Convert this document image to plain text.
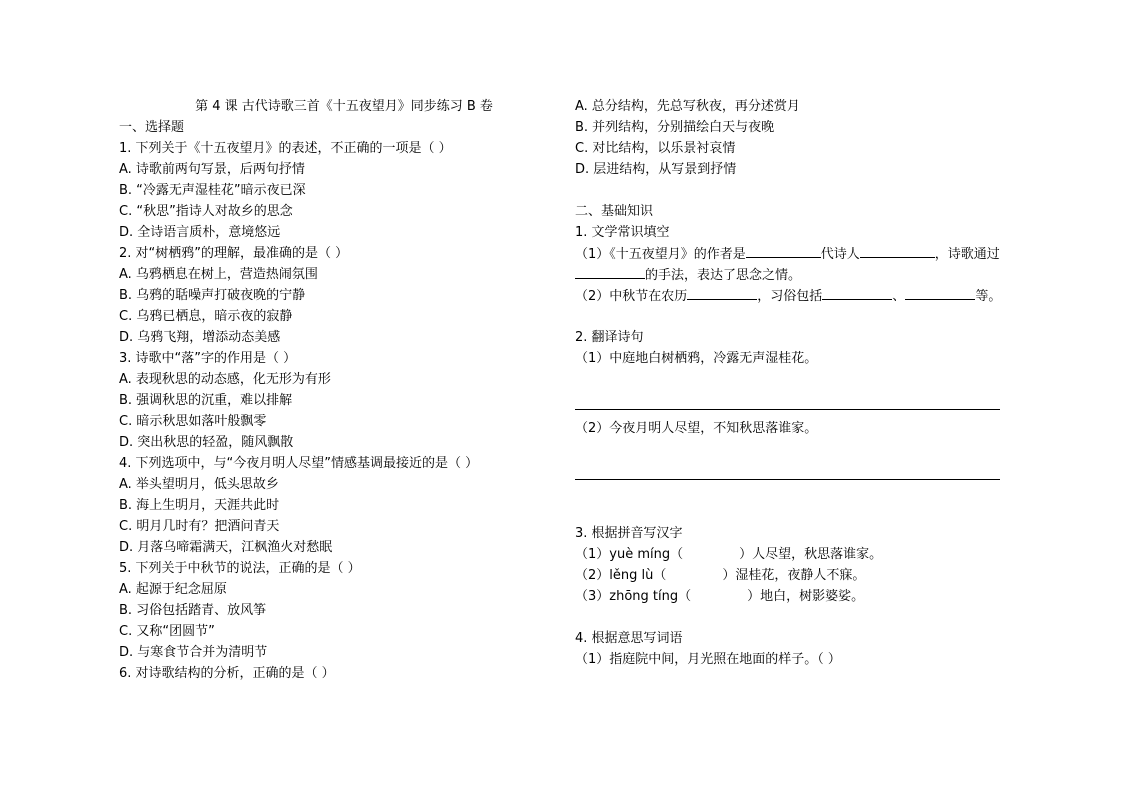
第 4 课 古代诗歌三首《十五夜望月》同步练习 B 卷
一、选择题
1. 下列关于《十五夜望月》的表述，不正确的一项是（ ）
A. 诗歌前两句写景，后两句抒情
B. “冷露无声湿桂花”暗示夜已深
C. “秋思”指诗人对故乡的思念
D. 全诗语言质朴，意境悠远
2. 对“树栖鸦”的理解，最准确的是（ ）
A. 乌鸦栖息在树上，营造热闹氛围
B. 乌鸦的聒噪声打破夜晚的宁静
C. 乌鸦已栖息，暗示夜的寂静
D. 乌鸦飞翔，增添动态美感
3. 诗歌中“落”字的作用是（ ）
A. 表现秋思的动态感，化无形为有形
B. 强调秋思的沉重，难以排解
C. 暗示秋思如落叶般飘零
D. 突出秋思的轻盈，随风飘散
4. 下列选项中，与“今夜月明人尽望”情感基调最接近的是（ ）
A. 举头望明月，低头思故乡
B. 海上生明月，天涯共此时
C. 明月几时有？把酒问青天
D. 月落乌啼霜满天，江枫渔火对愁眠
5. 下列关于中秋节的说法，正确的是（ ）
A. 起源于纪念屈原
B. 习俗包括踏青、放风筝
C. 又称“团圆节”
D. 与寒食节合并为清明节
6. 对诗歌结构的分析，正确的是（ ）
A. 总分结构，先总写秋夜，再分述赏月
B. 并列结构，分别描绘白天与夜晚
C. 对比结构，以乐景衬哀情
D. 层进结构，从写景到抒情
二、基础知识
1. 文学常识填空
（1）《十五夜望月》的作者是	代诗人	，诗歌通过
的手法，表达了思念之情。
（2）中秋节在农历	，习俗包括	、	等。
2. 翻译诗句
（1）中庭地白树栖鸦，冷露无声湿桂花。
（2）今夜月明人尽望，不知秋思落谁家。
3. 根据拼音写汉字
（1）yuè míng（	）人尽望，秋思落谁家。
（2）lěng lù（	）湿桂花，夜静人不寐。
（3）zhōng tíng（	）地白，树影婆娑。
4. 根据意思写词语
（1）指庭院中间，月光照在地面的样子。（ ）
